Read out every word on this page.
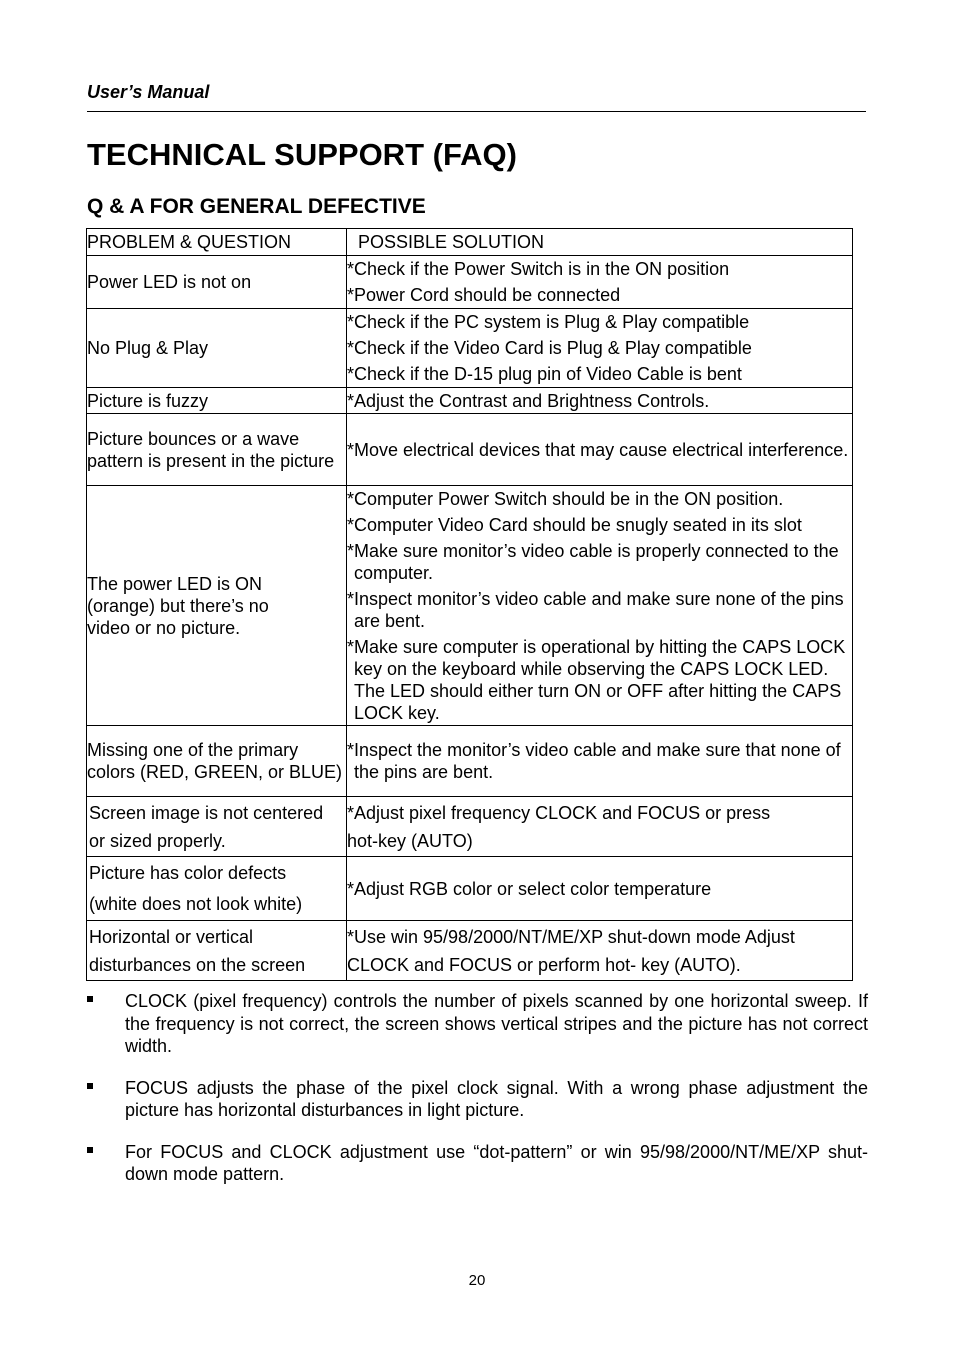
User’s Manual
TECHNICAL SUPPORT (FAQ)
Q & A FOR GENERAL DEFECTIVE
PROBLEM & QUESTION	POSSIBLE SOLUTION

Power LED is not on	*Check if the Power Switch is in the ON position
*Power Cord should be connected

No Plug & Play	*Check if the PC system is Plug & Play compatible
*Check if the Video Card is Plug & Play compatible
*Check if the D-15 plug pin of Video Cable is bent

Picture is fuzzy	*Adjust the Contrast and Brightness Controls.

Picture bounces or a wave pattern is present in the picture	*Move electrical devices that may cause electrical interference.

The power LED is ON (orange) but there’s no video or no picture.	*Computer Power Switch should be in the ON position.
*Computer Video Card should be snugly seated in its slot
*Make sure monitor’s video cable is properly connected to the computer.
*Inspect monitor’s video cable and make sure none of the pins are bent.
*Make sure computer is operational by hitting the CAPS LOCK key on the keyboard while observing the CAPS LOCK LED. The LED should either turn ON or OFF after hitting the CAPS LOCK key.

Missing one of the primary colors (RED, GREEN, or BLUE)	*Inspect the monitor’s video cable and make sure that none of the pins are bent.

Screen image is not centered
or sized properly.	*Adjust pixel frequency CLOCK and FOCUS or press
hot-key (AUTO)

Picture has color defects
(white does not look white)	*Adjust RGB color or select color temperature

Horizontal or vertical
disturbances on the screen	*Use win 95/98/2000/NT/ME/XP shut-down mode Adjust
CLOCK and FOCUS or perform hot- key (AUTO).
CLOCK (pixel frequency) controls the number of pixels scanned by one horizontal sweep. If the frequency is not correct, the screen shows vertical stripes and the picture has not correct width.
FOCUS adjusts the phase of the pixel clock signal. With a wrong phase adjustment the picture has horizontal disturbances in light picture.
For FOCUS and CLOCK adjustment use “dot-pattern” or win 95/98/2000/NT/ME/XP shut-down mode pattern.
20
